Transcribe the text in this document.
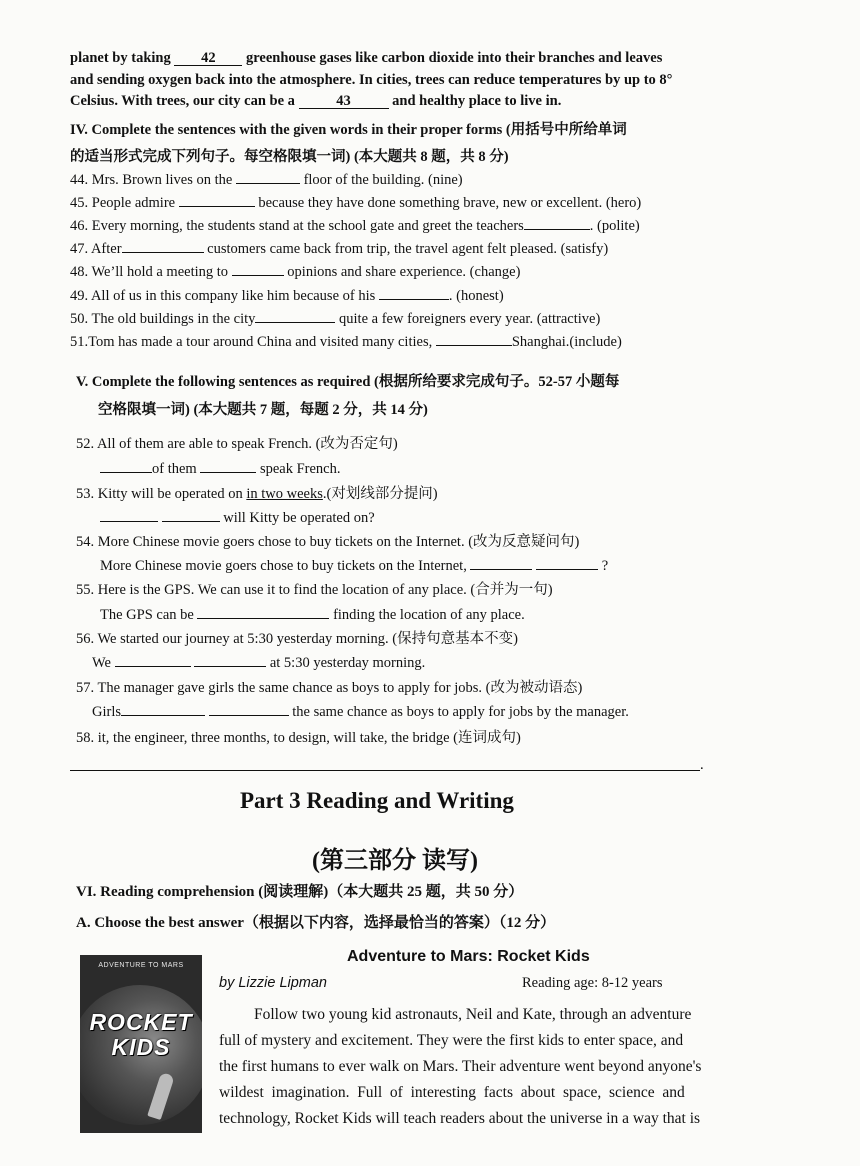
planet by taking 42 greenhouse gases like carbon dioxide into their branches and leaves
and sending oxygen back into the atmosphere. In cities, trees can reduce temperatures by up to 8°
Celsius. With trees, our city can be a	43	and healthy place to live in.
IV. Complete the sentences with the given words in their proper forms (用括号中所给单词
的适当形式完成下列句子。每空格限填一词) (本大题共 8 题，共 8 分)
44. Mrs. Brown lives on the	floor of the building. (nine)
45. People admire	because they have done something brave, new or excellent. (hero)
46. Every morning, the students stand at the school gate and greet the teachers	. (polite)
47. After	customers came back from trip, the travel agent felt pleased. (satisfy)
48. We’ll hold a meeting to	opinions and share experience. (change)
49. All of us in this company like him because of his	. (honest)
50. The old buildings in the city	quite a few foreigners every year. (attractive)
51.Tom has made a tour around China and visited many cities,	Shanghai.(include)
V. Complete the following sentences as required (根据所给要求完成句子。52-57 小题每
空格限填一词) (本大题共 7 题，每题 2 分，共 14 分)
52. All of them are able to speak French. (改为否定句)
of them	speak French.
53. Kitty will be operated on in two weeks.(对划线部分提问)
will Kitty be operated on?
54. More Chinese movie goers chose to buy tickets on the Internet. (改为反意疑问句)
More Chinese movie goers chose to buy tickets on the Internet,	?
55. Here is the GPS. We can use it to find the location of any place. (合并为一句)
The GPS can be	finding the location of any place.
56. We started our journey at 5:30 yesterday morning. (保持句意基本不变)
We	at 5:30 yesterday morning.
57. The manager gave girls the same chance as boys to apply for jobs. (改为被动语态)
Girls	the same chance as boys to apply for jobs by the manager.
58. it, the engineer, three months, to design, will take, the bridge (连词成句)
.
Part 3 Reading and Writing
(第三部分 读写)
VI. Reading comprehension (阅读理解)（本大题共 25 题，共 50 分）
A. Choose the best answer（根据以下内容，选择最恰当的答案）（12 分）
ADVENTURE TO MARS
ROCKET
KIDS
Adventure to Mars: Rocket Kids
by Lizzie Lipman	Reading age: 8-12 years
Follow two young kid astronauts, Neil and Kate, through an adventure
full of mystery and excitement. They were the first kids to enter space, and
the first humans to ever walk on Mars. Their adventure went beyond anyone's
wildest  imagination.  Full  of  interesting  facts  about  space,  science  and
technology, Rocket Kids will teach readers about the universe in a way that is
